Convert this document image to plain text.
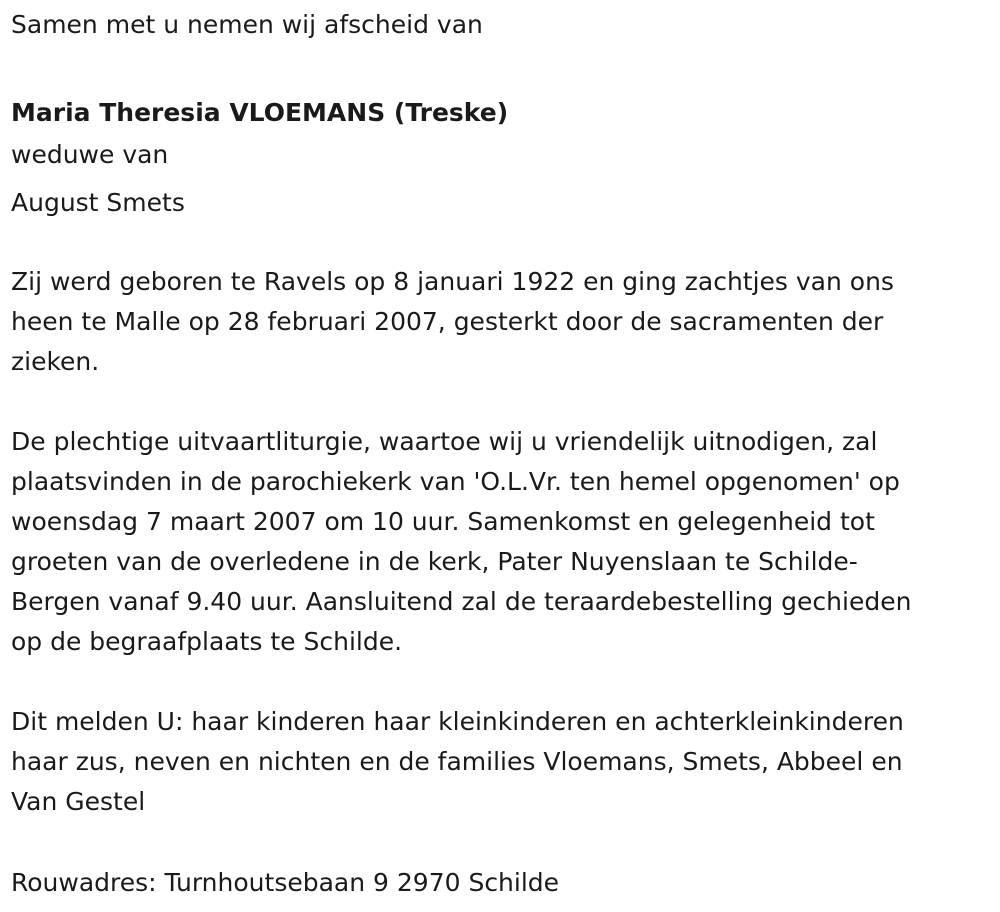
Samen met u nemen wij afscheid van
Maria Theresia VLOEMANS (Treske)
weduwe van
August Smets
Zij werd geboren te Ravels op 8 januari 1922 en ging zachtjes van ons
heen te Malle op 28 februari 2007, gesterkt door de sacramenten der
zieken.
De plechtige uitvaartliturgie, waartoe wij u vriendelijk uitnodigen, zal
plaatsvinden in de parochiekerk van 'O.L.Vr. ten hemel opgenomen' op
woensdag 7 maart 2007 om 10 uur. Samenkomst en gelegenheid tot
groeten van de overledene in de kerk, Pater Nuyenslaan te Schilde-
Bergen vanaf 9.40 uur. Aansluitend zal de teraardebestelling gechieden
op de begraafplaats te Schilde.
Dit melden U: haar kinderen haar kleinkinderen en achterkleinkinderen
haar zus, neven en nichten en de families Vloemans, Smets, Abbeel en
Van Gestel
Rouwadres: Turnhoutsebaan 9 2970 Schilde
